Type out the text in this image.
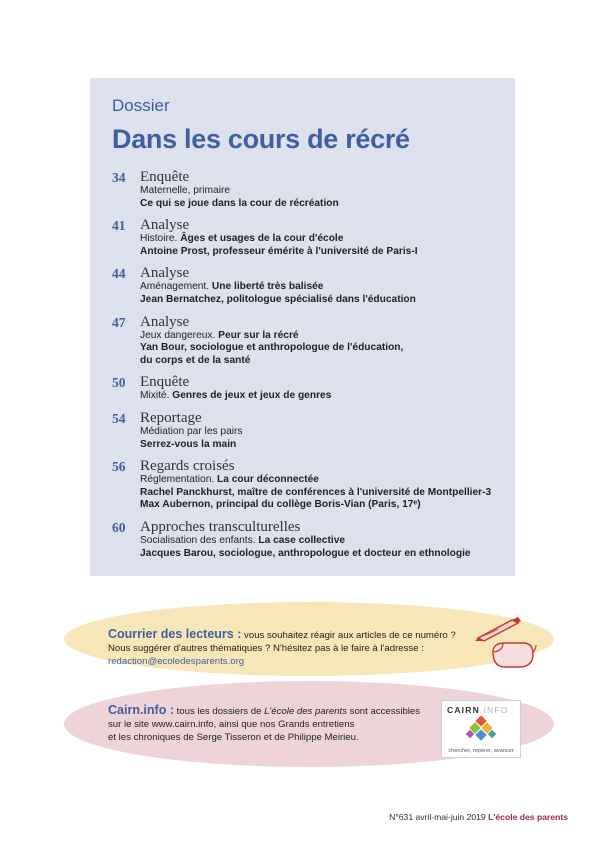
Dossier
Dans les cours de récré
34 Enquête
Maternelle, primaire
Ce qui se joue dans la cour de récréation
41 Analyse
Histoire. Âges et usages de la cour d'école
Antoine Prost, professeur émérite à l'université de Paris-I
44 Analyse
Aménagement. Une liberté très balisée
Jean Bernatchez, politologue spécialisé dans l'éducation
47 Analyse
Jeux dangereux. Peur sur la récré
Yan Bour, sociologue et anthropologue de l'éducation,
du corps et de la santé
50 Enquête
Mixité. Genres de jeux et jeux de genres
54 Reportage
Médiation par les pairs
Serrez-vous la main
56 Regards croisés
Réglementation. La cour déconnectée
Rachel Panckhurst, maître de conférences à l'université de Montpellier-3
Max Aubernon, principal du collège Boris-Vian (Paris, 17ᵉ)
60 Approches transculturelles
Socialisation des enfants. La case collective
Jacques Barou, sociologue, anthropologue et docteur en ethnologie
Courrier des lecteurs : vous souhaitez réagir aux articles de ce numéro ?
Nous suggérer d'autres thématiques ? N'hésitez pas à le faire à l'adresse :
redaction@ecoledesparents.org
Cairn.info : tous les dossiers de L'école des parents sont accessibles
sur le site www.cairn.info, ainsi que nos Grands entretiens
et les chroniques de Serge Tisseron et de Philippe Meirieu.
CAIRN.INFO
chercher, repérer, avancer
N°631 avril-mai-juin 2019 L'école des parents
